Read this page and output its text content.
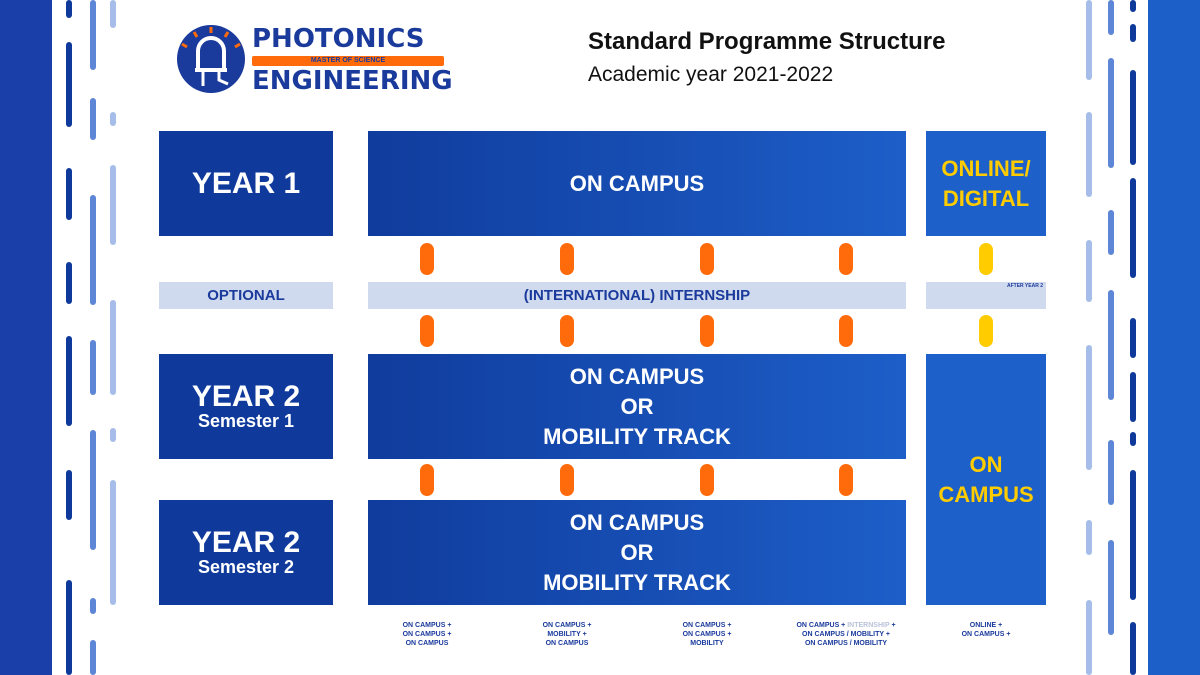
PHOTONICS
MASTER OF SCIENCE
ENGINEERING
Standard Programme Structure
Academic year 2021-2022
YEAR 1	ON CAMPUS
ONLINE/
DIGITAL
OPTIONAL	(INTERNATIONAL) INTERNSHIP
AFTER YEAR 2
YEAR 2
Semester 1
ON CAMPUS
OR
MOBILITY TRACK
ON
CAMPUS
YEAR 2
Semester 2
ON CAMPUS
OR
MOBILITY TRACK
ON CAMPUS +
ON CAMPUS +
ON CAMPUS
ON CAMPUS +
MOBILITY +
ON CAMPUS
ON CAMPUS +
ON CAMPUS +
MOBILITY
ON CAMPUS + INTERNSHIP +
ON CAMPUS / MOBILITY +
ON CAMPUS / MOBILITY
ONLINE +
ON CAMPUS +
